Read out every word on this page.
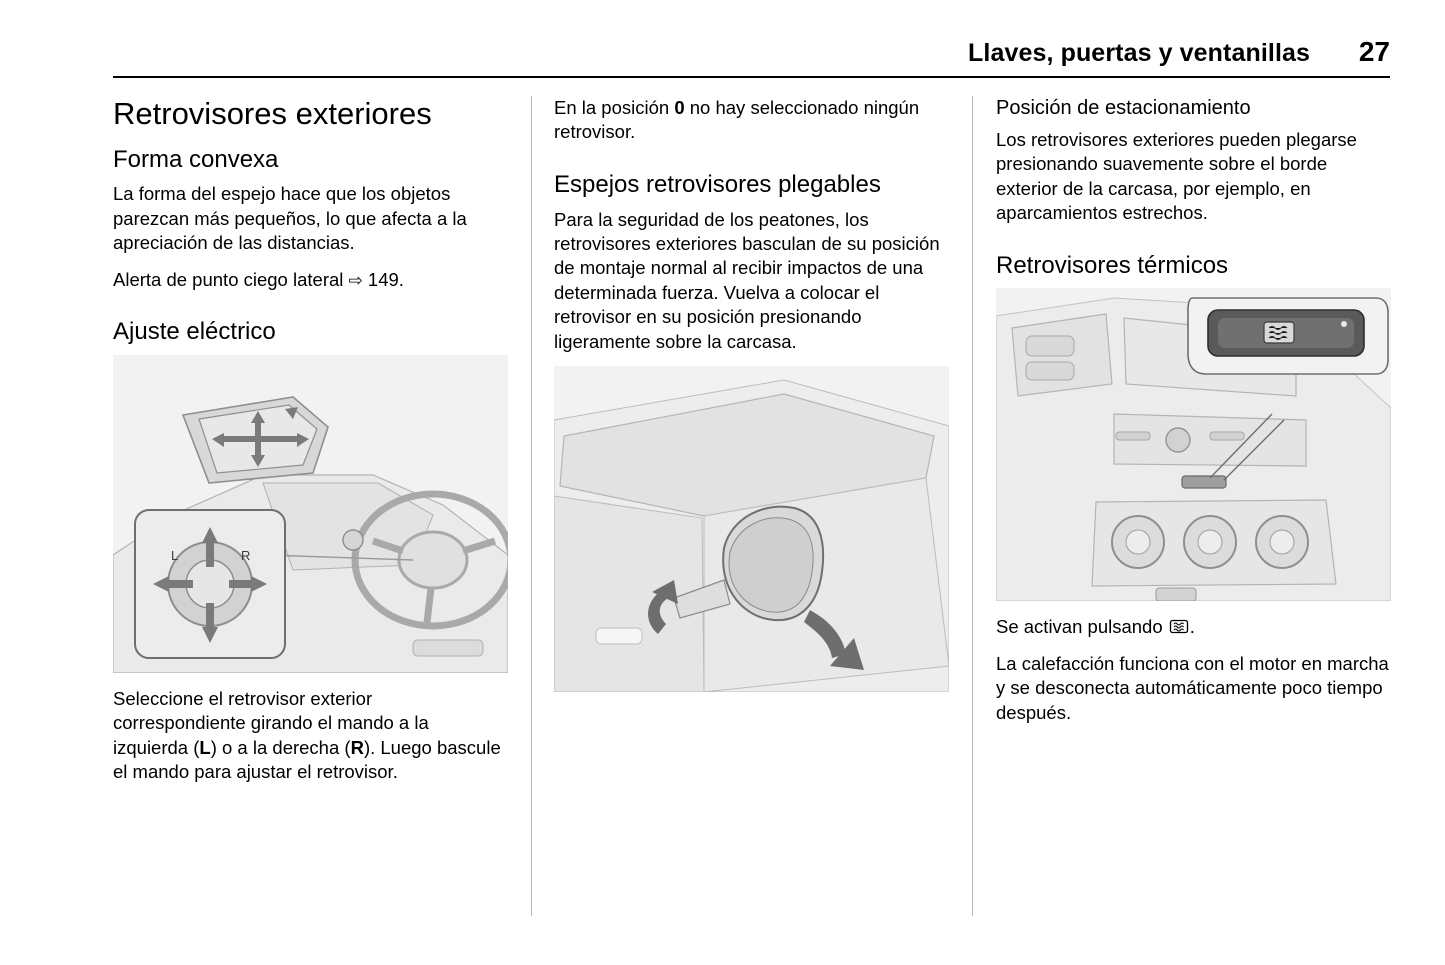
Llaves, puertas y ventanillas	27
Retrovisores exteriores
Forma convexa

La forma del espejo hace que los objetos parezcan más pequeños, lo que afecta a la apreciación de las distancias.

Alerta de punto ciego lateral ⇨ 149.

Ajuste eléctrico
L	R

Seleccione el retrovisor exterior correspondiente girando el mando a la izquierda (L) o a la derecha (R). Luego bascule el mando para ajustar el retrovisor.

En la posición 0 no hay seleccionado ningún retrovisor.

Espejos retrovisores plegables

Para la seguridad de los peatones, los retrovisores exteriores basculan de su posición de montaje normal al recibir impactos de una determinada fuerza. Vuelva a colocar el retrovisor en su posición presionando ligeramente sobre la carcasa.

Posición de estacionamiento

Los retrovisores exteriores pueden plegarse presionando suavemente sobre el borde exterior de la carcasa, por ejemplo, en aparcamientos estrechos.

Retrovisores térmicos

Se activan pulsando .

La calefacción funciona con el motor en marcha y se desconecta automáticamente poco tiempo después.
